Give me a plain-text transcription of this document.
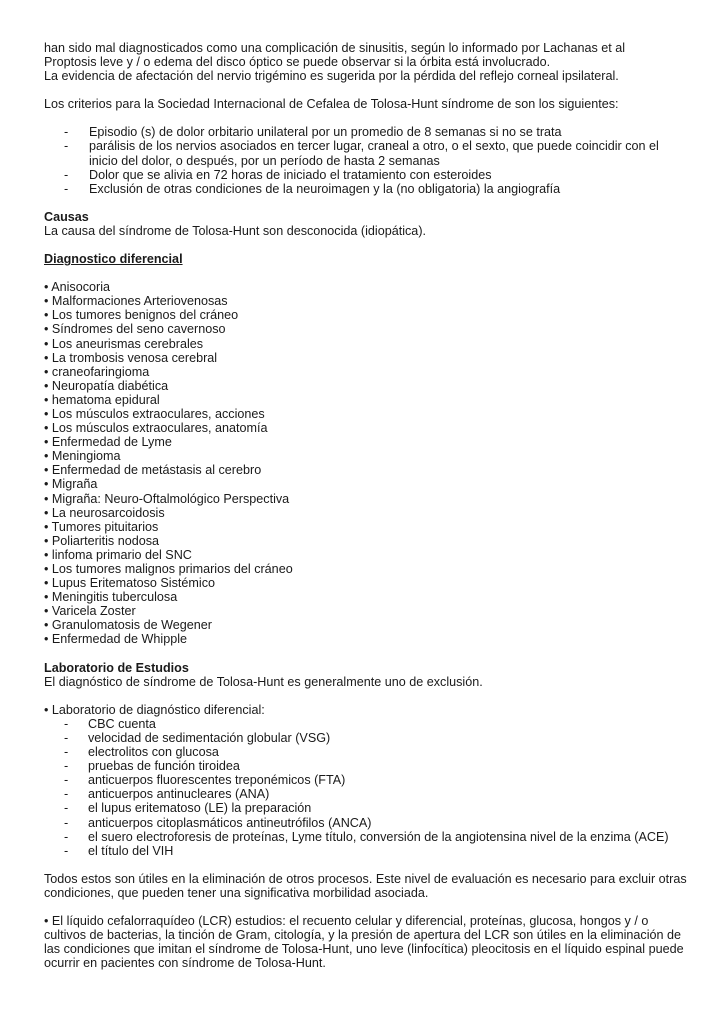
han sido mal diagnosticados como una complicación de sinusitis, según lo informado por Lachanas et al

Proptosis leve y / o edema del disco óptico se puede observar si la órbita está involucrado.

La evidencia de afectación del nervio trigémino es sugerida por la pérdida del reflejo corneal ipsilateral.

Los criterios para la Sociedad Internacional de Cefalea de Tolosa-Hunt síndrome de son los siguientes:

- Episodio (s) de dolor orbitario unilateral por un promedio de 8 semanas si no se trata
- parálisis de los nervios asociados en tercer lugar, craneal a otro, o el sexto, que puede coincidir con el inicio del dolor, o después, por un período de hasta 2 semanas
- Dolor que se alivia en 72 horas de iniciado el tratamiento con esteroides
- Exclusión de otras condiciones de la neuroimagen y la (no obligatoria) la angiografía

Causas

La causa del síndrome de Tolosa-Hunt son desconocida (idiopática).

Diagnostico diferencial

• Anisocoria
• Malformaciones Arteriovenosas
• Los tumores benignos del cráneo
• Síndromes del seno cavernoso
• Los aneurismas cerebrales
• La trombosis venosa cerebral
• craneofaringioma
• Neuropatía diabética
• hematoma epidural
• Los músculos extraoculares, acciones
• Los músculos extraoculares, anatomía
• Enfermedad de Lyme
• Meningioma
• Enfermedad de metástasis al cerebro
• Migraña
• Migraña: Neuro-Oftalmológico Perspectiva
• La neurosarcoidosis
• Tumores pituitarios
• Poliarteritis nodosa
• linfoma primario del SNC
• Los tumores malignos primarios del cráneo
• Lupus Eritematoso Sistémico
• Meningitis tuberculosa
• Varicela Zoster
• Granulomatosis de Wegener
• Enfermedad de Whipple

Laboratorio de Estudios

El diagnóstico de síndrome de Tolosa-Hunt es generalmente uno de exclusión.

• Laboratorio de diagnóstico diferencial:

- CBC cuenta
- velocidad de sedimentación globular (VSG)
- electrolitos con glucosa
- pruebas de función tiroidea
- anticuerpos fluorescentes treponémicos (FTA)
- anticuerpos antinucleares (ANA)
- el lupus eritematoso (LE) la preparación
- anticuerpos citoplasmáticos antineutrófilos (ANCA)
- el suero electroforesis de proteínas, Lyme título, conversión de la angiotensina nivel de la enzima (ACE)
- el título del VIH

Todos estos son útiles en la eliminación de otros procesos. Este nivel de evaluación es necesario para excluir otras condiciones, que pueden tener una significativa morbilidad asociada.

• El líquido cefalorraquídeo (LCR) estudios: el recuento celular y diferencial, proteínas, glucosa, hongos y / o cultivos de bacterias, la tinción de Gram, citología, y la presión de apertura del LCR son útiles en la eliminación de las condiciones que imitan el síndrome de Tolosa-Hunt, uno leve (linfocítica) pleocitosis en el líquido espinal puede ocurrir en pacientes con síndrome de Tolosa-Hunt.
